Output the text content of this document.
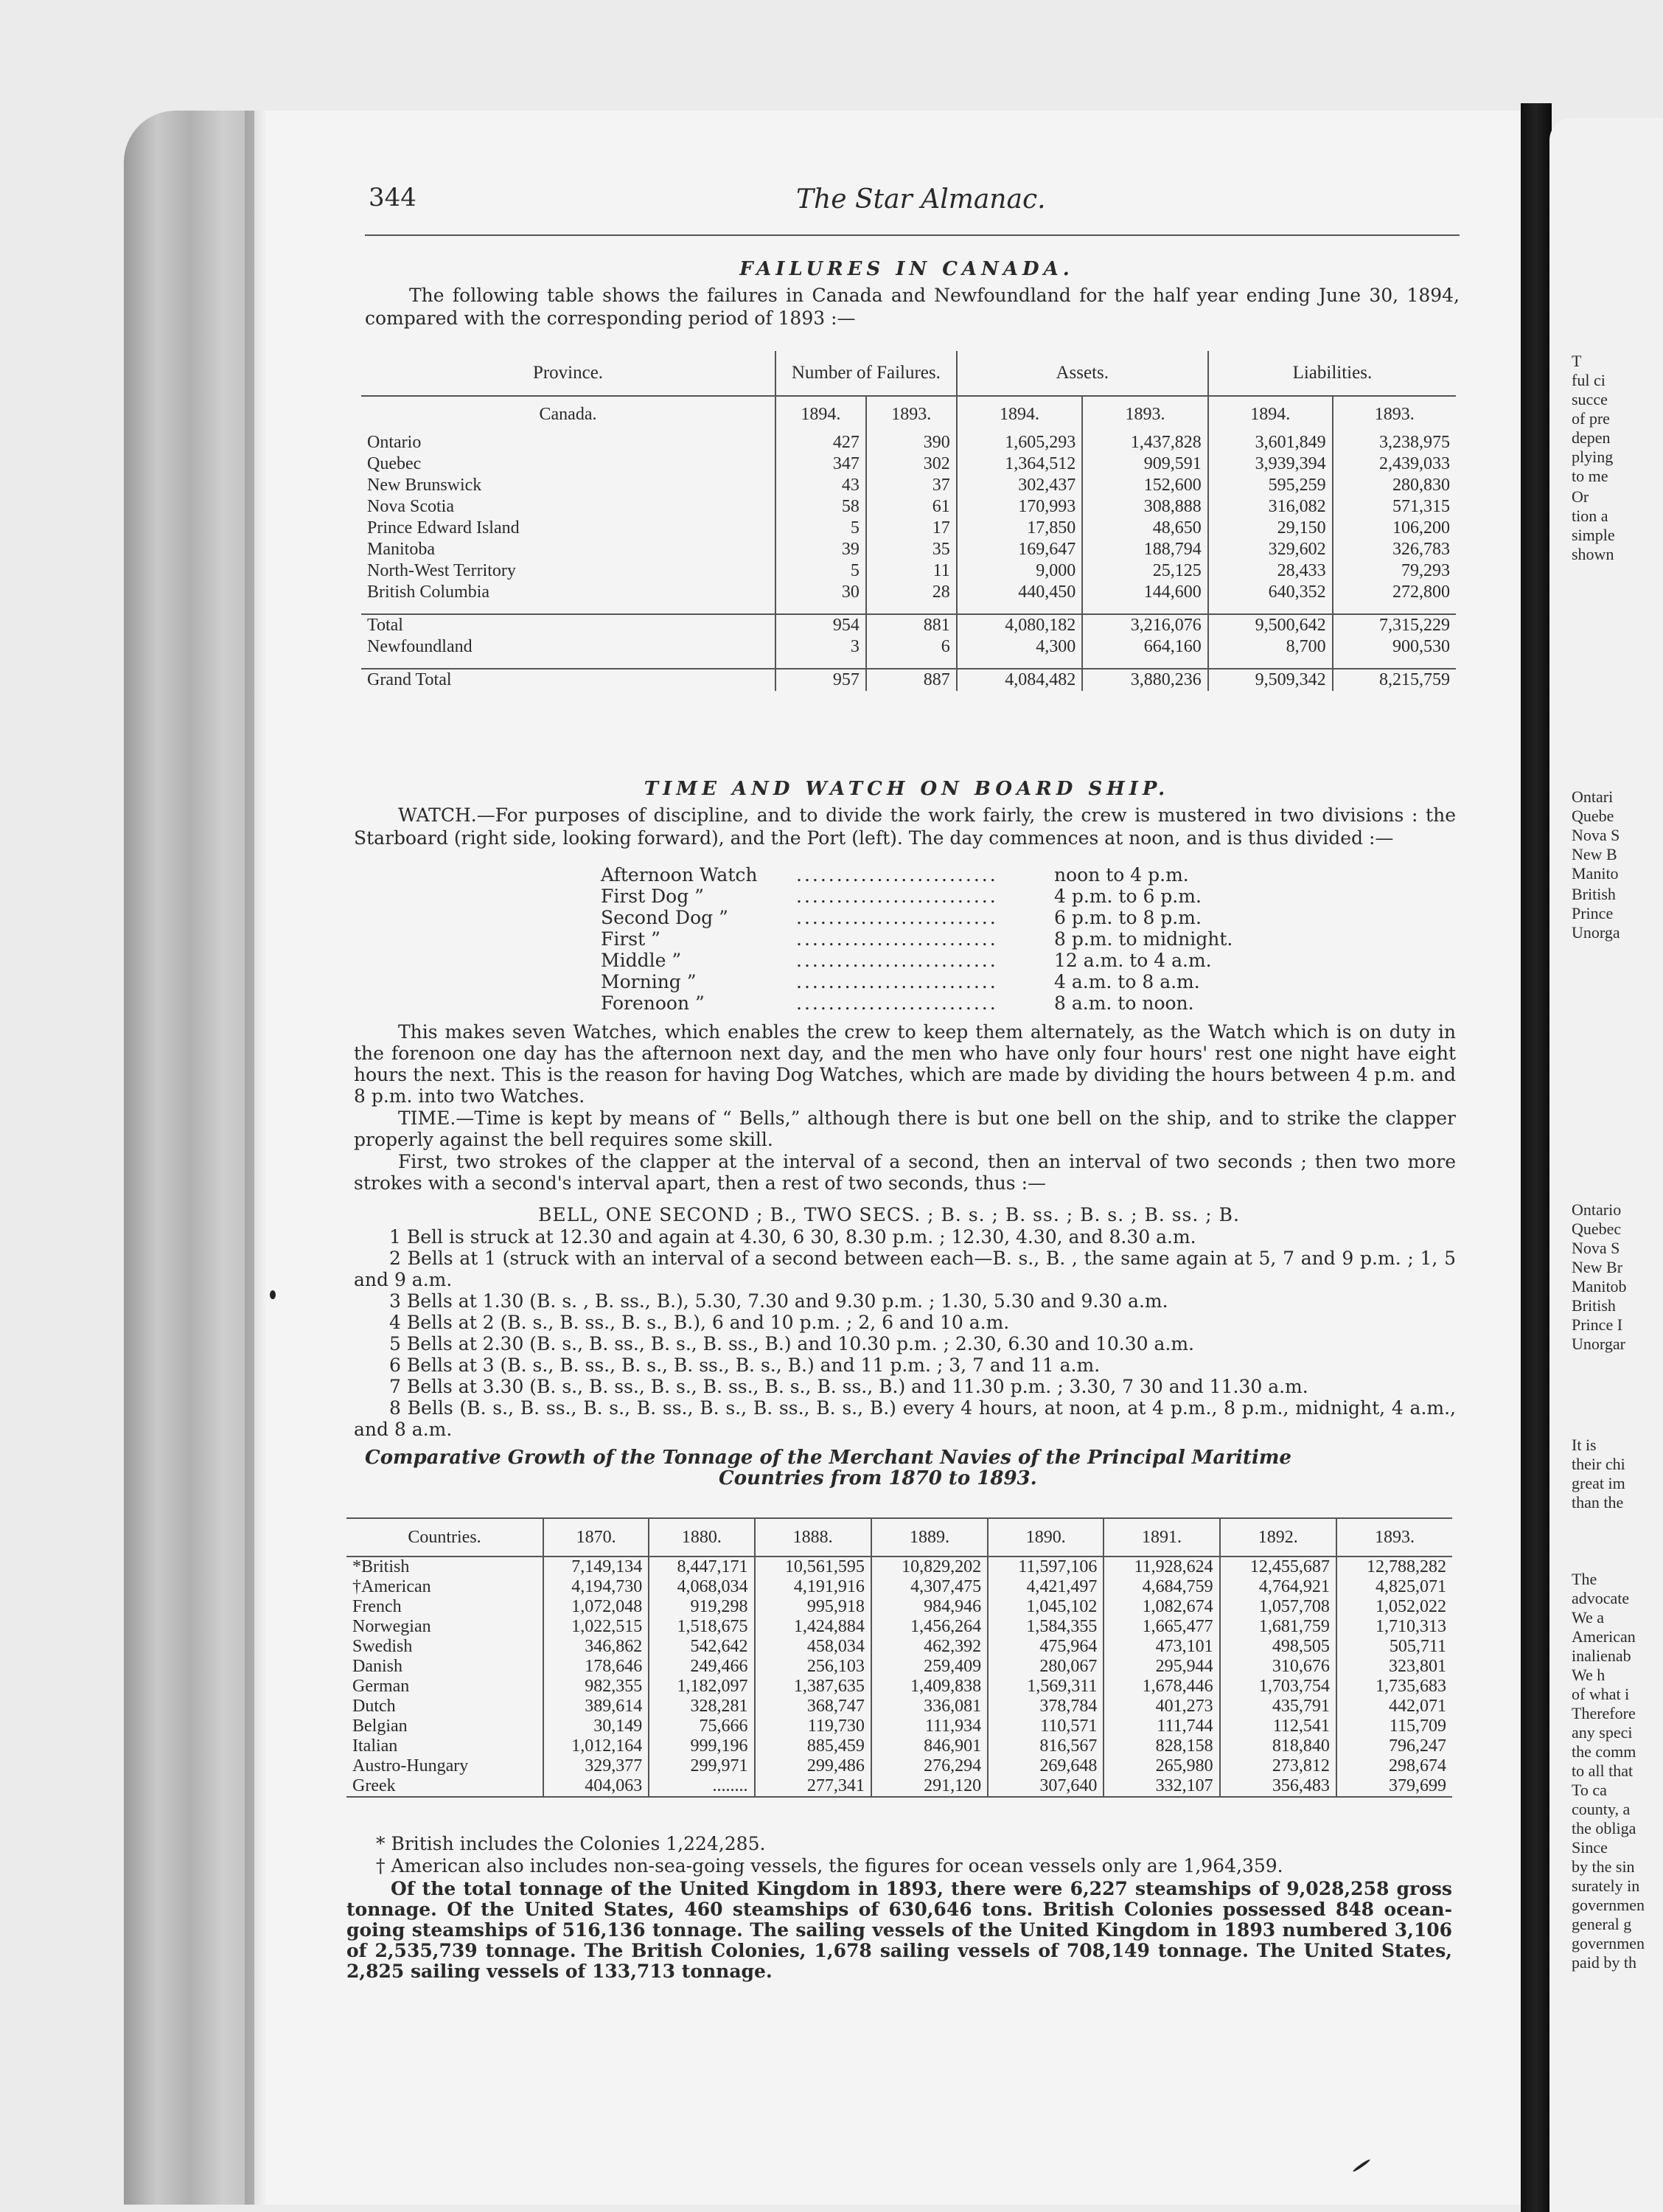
T
ful ci
succe
of pre
depen
plying
to me
Or
tion a
simple
shown
Ontari
Quebe
Nova S
New B
Manito
British
Prince
Unorga
Ontario
Quebec
Nova S
New Br
Manitob
British
Prince I
Unorgar
It is
their chi
great im
than the
The
advocate
We a
American
inalienab
We h
of what i
Therefore
any speci
the comm
to all that
To ca
county, a
the obliga
Since
by the sin
surately in
governmen
general g
governmen
paid by th
344	The Star Almanac.
FAILURES IN CANADA.
The following table shows the failures in Canada and Newfoundland for the half year ending June 30, 1894, compared with the corresponding period of 1893 :—
Province.	Number of Failures.		Assets.		Liabilities.	
Canada.	1894.	1893.	1894.	1893.	1894.	1893.
Ontario	427	390	1,605,293	1,437,828	3,601,849	3,238,975
Quebec	347	302	1,364,512	909,591	3,939,394	2,439,033
New Brunswick	43	37	302,437	152,600	595,259	280,830
Nova Scotia	58	61	170,993	308,888	316,082	571,315
Prince Edward Island	5	17	17,850	48,650	29,150	106,200
Manitoba	39	35	169,647	188,794	329,602	326,783
North-West Territory	5	11	9,000	25,125	28,433	79,293
British Columbia	30	28	440,450	144,600	640,352	272,800

Total	954	881	4,080,182	3,216,076	9,500,642	7,315,229
Newfoundland	3	6	4,300	664,160	8,700	900,530

Grand Total	957	887	4,084,482	3,880,236	9,509,342	8,215,759
TIME AND WATCH ON BOARD SHIP.
WATCH.—For purposes of discipline, and to divide the work fairly, the crew is mustered in two divisions : the Starboard (right side, looking forward), and the Port (left). The day commences at noon, and is thus divided :—
Afternoon Watch .........................	noon to 4 p.m.
First Dog ”	.........................	4 p.m. to 6 p.m.
Second Dog ”	.........................	6 p.m. to 8 p.m.
First ”	.........................	8 p.m. to midnight.
Middle ”	.........................	12 a.m. to 4 a.m.
Morning ”	.........................	4 a.m. to 8 a.m.
Forenoon ”	.........................	8 a.m. to noon.
This makes seven Watches, which enables the crew to keep them alternately, as the Watch which is on duty in the forenoon one day has the afternoon next day, and the men who have only four hours' rest one night have eight hours the next. This is the reason for having Dog Watches, which are made by dividing the hours between 4 p.m. and 8 p.m. into two Watches.
TIME.—Time is kept by means of “ Bells,” although there is but one bell on the ship, and to strike the clapper properly against the bell requires some skill.
First, two strokes of the clapper at the interval of a second, then an interval of two seconds ; then two more strokes with a second's interval apart, then a rest of two seconds, thus :—
BELL, ONE SECOND ; B., TWO SECS. ; B. s. ; B. ss. ; B. s. ; B. ss. ; B.
1 Bell is struck at 12.30 and again at 4.30, 6 30, 8.30 p.m. ; 12.30, 4.30, and 8.30 a.m.
2 Bells at 1 (struck with an interval of a second between each—B. s., B. , the same again at 5, 7 and 9 p.m. ; 1, 5 and 9 a.m.
3 Bells at 1.30 (B. s. , B. ss., B.), 5.30, 7.30 and 9.30 p.m. ; 1.30, 5.30 and 9.30 a.m.
4 Bells at 2 (B. s., B. ss., B. s., B.), 6 and 10 p.m. ; 2, 6 and 10 a.m.
5 Bells at 2.30 (B. s., B. ss., B. s., B. ss., B.) and 10.30 p.m. ; 2.30, 6.30 and 10.30 a.m.
6 Bells at 3 (B. s., B. ss., B. s., B. ss., B. s., B.) and 11 p.m. ; 3, 7 and 11 a.m.
7 Bells at 3.30 (B. s., B. ss., B. s., B. ss., B. s., B. ss., B.) and 11.30 p.m. ; 3.30, 7 30 and 11.30 a.m.
8 Bells (B. s., B. ss., B. s., B. ss., B. s., B. ss., B. s., B.) every 4 hours, at noon, at 4 p.m., 8 p.m., midnight, 4 a.m., and 8 a.m.
Comparative Growth of the Tonnage of the Merchant Navies of the Principal Maritime
Countries from 1870 to 1893.
Countries.	1870.	1880.	1888.	1889.	1890.	1891.	1892.	1893.
*British	7,149,134	8,447,171	10,561,595	10,829,202	11,597,106	11,928,624	12,455,687	12,788,282
†American	4,194,730	4,068,034	4,191,916	4,307,475	4,421,497	4,684,759	4,764,921	4,825,071
French	1,072,048	919,298	995,918	984,946	1,045,102	1,082,674	1,057,708	1,052,022
Norwegian	1,022,515	1,518,675	1,424,884	1,456,264	1,584,355	1,665,477	1,681,759	1,710,313
Swedish	346,862	542,642	458,034	462,392	475,964	473,101	498,505	505,711
Danish	178,646	249,466	256,103	259,409	280,067	295,944	310,676	323,801
German	982,355	1,182,097	1,387,635	1,409,838	1,569,311	1,678,446	1,703,754	1,735,683
Dutch	389,614	328,281	368,747	336,081	378,784	401,273	435,791	442,071
Belgian	30,149	75,666	119,730	111,934	110,571	111,744	112,541	115,709
Italian	1,012,164	999,196	885,459	846,901	816,567	828,158	818,840	796,247
Austro-Hungary	329,377	299,971	299,486	276,294	269,648	265,980	273,812	298,674
Greek	404,063	........	277,341	291,120	307,640	332,107	356,483	379,699
* British includes the Colonies 1,224,285.
† American also includes non-sea-going vessels, the figures for ocean vessels only are 1,964,359.
Of the total tonnage of the United Kingdom in 1893, there were 6,227 steamships of 9,028,258 gross tonnage. Of the United States, 460 steamships of 630,646 tons. British Colonies possessed 848 ocean-going steamships of 516,136 tonnage. The sailing vessels of the United Kingdom in 1893 numbered 3,106 of 2,535,739 tonnage. The British Colonies, 1,678 sailing vessels of 708,149 tonnage. The United States, 2,825 sailing vessels of 133,713 tonnage.
